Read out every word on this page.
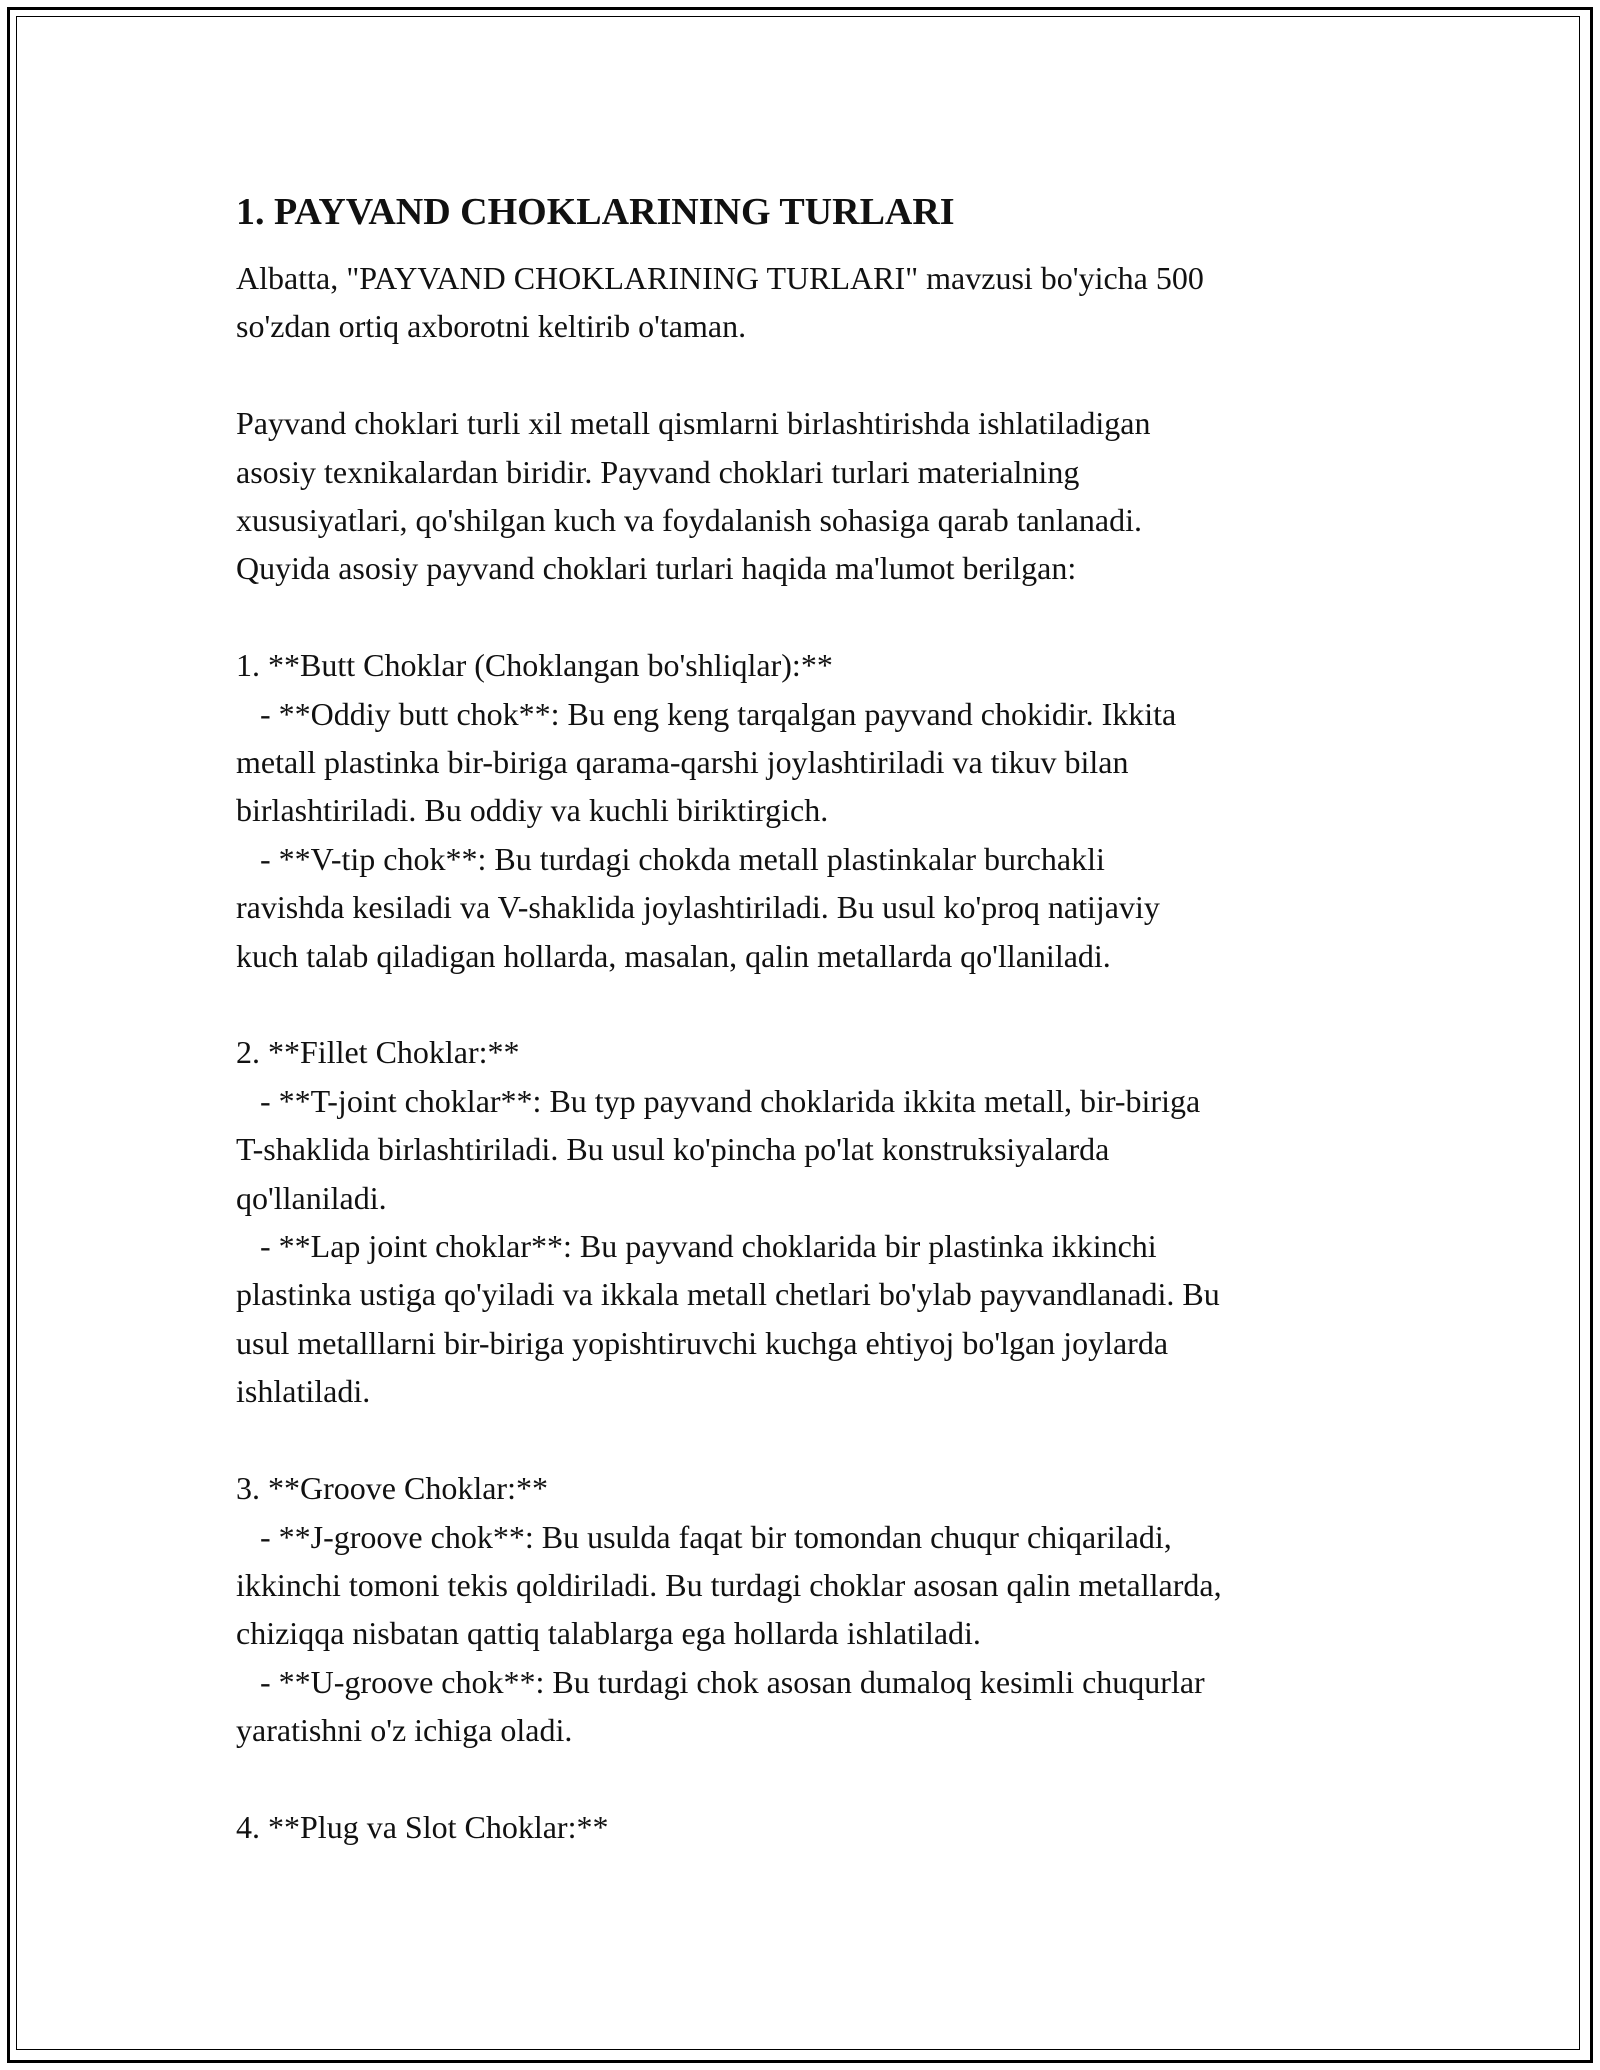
1. PAYVAND CHOKLARINING TURLARI
Albatta, "PAYVAND CHOKLARINING TURLARI" mavzusi bo'yicha 500
so'zdan ortiq axborotni keltirib o'taman.
Payvand choklari turli xil metall qismlarni birlashtirishda ishlatiladigan
asosiy texnikalardan biridir. Payvand choklari turlari materialning
xususiyatlari, qo'shilgan kuch va foydalanish sohasiga qarab tanlanadi.
Quyida asosiy payvand choklari turlari haqida ma'lumot berilgan:
1. **Butt Choklar (Choklangan bo'shliqlar):**
- **Oddiy butt chok**: Bu eng keng tarqalgan payvand chokidir. Ikkita
metall plastinka bir-biriga qarama-qarshi joylashtiriladi va tikuv bilan
birlashtiriladi. Bu oddiy va kuchli biriktirgich.
- **V-tip chok**: Bu turdagi chokda metall plastinkalar burchakli
ravishda kesiladi va V-shaklida joylashtiriladi. Bu usul ko'proq natijaviy
kuch talab qiladigan hollarda, masalan, qalin metallarda qo'llaniladi.
2. **Fillet Choklar:**
- **T-joint choklar**: Bu typ payvand choklarida ikkita metall, bir-biriga
T-shaklida birlashtiriladi. Bu usul ko'pincha po'lat konstruksiyalarda
qo'llaniladi.
- **Lap joint choklar**: Bu payvand choklarida bir plastinka ikkinchi
plastinka ustiga qo'yiladi va ikkala metall chetlari bo'ylab payvandlanadi. Bu
usul metalllarni bir-biriga yopishtiruvchi kuchga ehtiyoj bo'lgan joylarda
ishlatiladi.
3. **Groove Choklar:**
- **J-groove chok**: Bu usulda faqat bir tomondan chuqur chiqariladi,
ikkinchi tomoni tekis qoldiriladi. Bu turdagi choklar asosan qalin metallarda,
chiziqqa nisbatan qattiq talablarga ega hollarda ishlatiladi.
- **U-groove chok**: Bu turdagi chok asosan dumaloq kesimli chuqurlar
yaratishni o'z ichiga oladi.
4. **Plug va Slot Choklar:**
